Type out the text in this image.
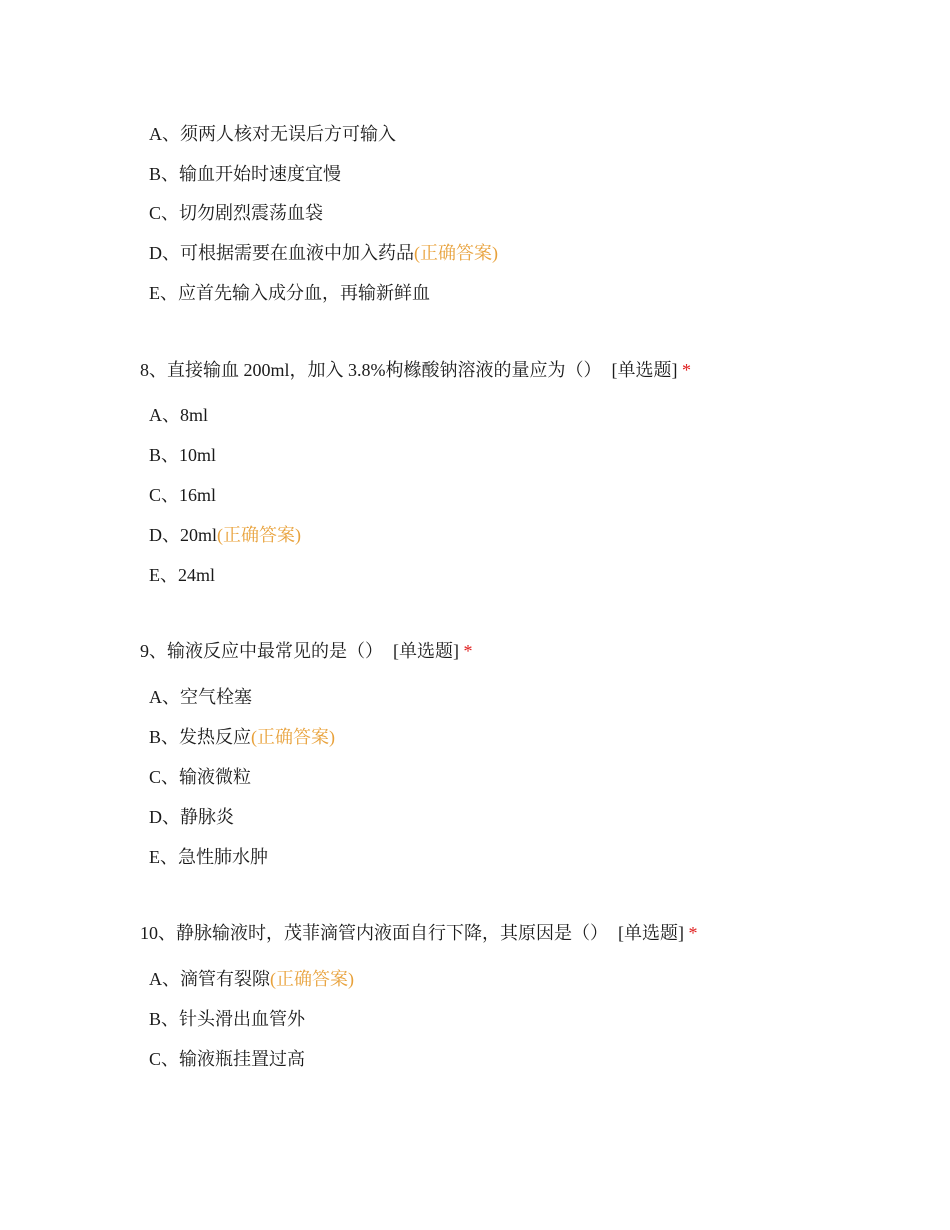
A、须两人核对无误后方可输入
B、输血开始时速度宜慢
C、切勿剧烈震荡血袋
D、可根据需要在血液中加入药品(正确答案)
E、应首先输入成分血，再输新鲜血
8、直接输血 200ml，加入 3.8%枸橼酸钠溶液的量应为（） [单选题] *
A、8ml
B、10ml
C、16ml
D、20ml(正确答案)
E、24ml
9、输液反应中最常见的是（） [单选题] *
A、空气栓塞
B、发热反应(正确答案)
C、输液微粒
D、静脉炎
E、急性肺水肿
10、静脉输液时，茂菲滴管内液面自行下降，其原因是（） [单选题] *
A、滴管有裂隙(正确答案)
B、针头滑出血管外
C、输液瓶挂置过高
